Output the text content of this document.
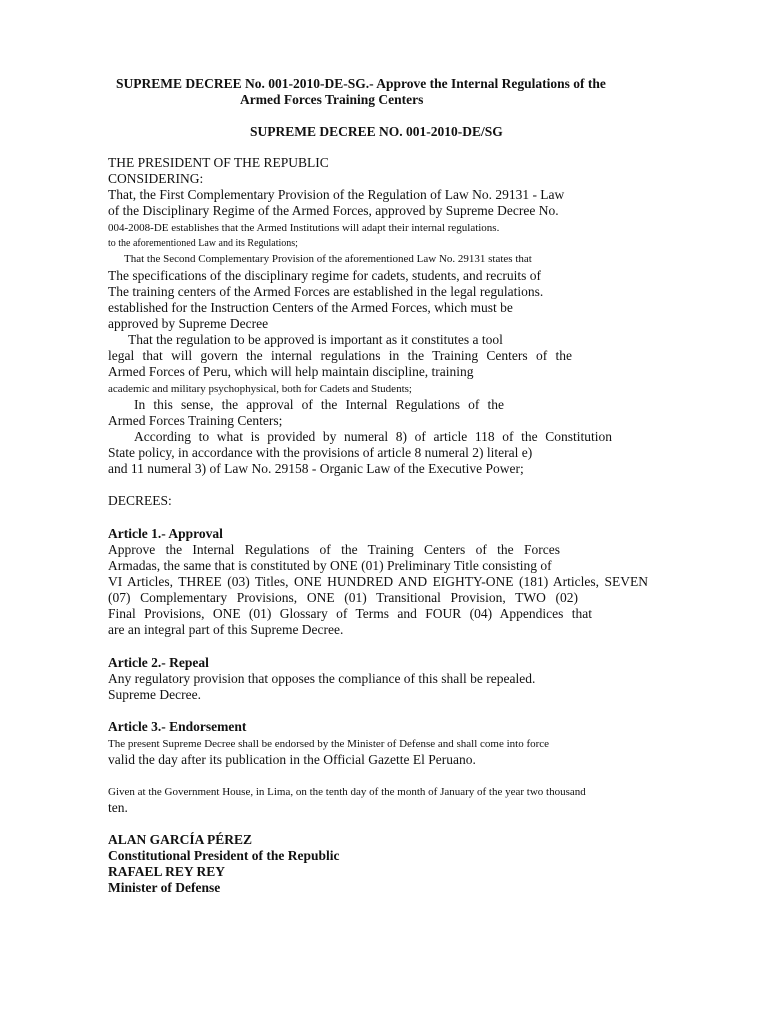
SUPREME DECREE No. 001-2010-DE-SG.- Approve the Internal Regulations of the
Armed Forces Training Centers
SUPREME DECREE NO. 001-2010-DE/SG
THE PRESIDENT OF THE REPUBLIC
CONSIDERING:
That, the First Complementary Provision of the Regulation of Law No. 29131 - Law
of the Disciplinary Regime of the Armed Forces, approved by Supreme Decree No.
004-2008-DE establishes that the Armed Institutions will adapt their internal regulations.
to the aforementioned Law and its Regulations;
That the Second Complementary Provision of the aforementioned Law No. 29131 states that
The specifications of the disciplinary regime for cadets, students, and recruits of
The training centers of the Armed Forces are established in the legal regulations.
established for the Instruction Centers of the Armed Forces, which must be
approved by Supreme Decree
That the regulation to be approved is important as it constitutes a tool
legal that will govern the internal regulations in the Training Centers of the
Armed Forces of Peru, which will help maintain discipline, training
academic and military psychophysical, both for Cadets and Students;
In this sense, the approval of the Internal Regulations of the
Armed Forces Training Centers;
According to what is provided by numeral 8) of article 118 of the Constitution
State policy, in accordance with the provisions of article 8 numeral 2) literal e)
and 11 numeral 3) of Law No. 29158 - Organic Law of the Executive Power;
DECREES:
Article 1.- Approval
Approve the Internal Regulations of the Training Centers of the Forces
Armadas, the same that is constituted by ONE (01) Preliminary Title consisting of
VI Articles, THREE (03) Titles, ONE HUNDRED AND EIGHTY-ONE (181) Articles, SEVEN
(07) Complementary Provisions, ONE (01) Transitional Provision, TWO (02)
Final Provisions, ONE (01) Glossary of Terms and FOUR (04) Appendices that
are an integral part of this Supreme Decree.
Article 2.- Repeal
Any regulatory provision that opposes the compliance of this shall be repealed.
Supreme Decree.
Article 3.- Endorsement
The present Supreme Decree shall be endorsed by the Minister of Defense and shall come into force
valid the day after its publication in the Official Gazette El Peruano.
Given at the Government House, in Lima, on the tenth day of the month of January of the year two thousand
ten.
ALAN GARCÍA PÉREZ
Constitutional President of the Republic
RAFAEL REY REY
Minister of Defense
